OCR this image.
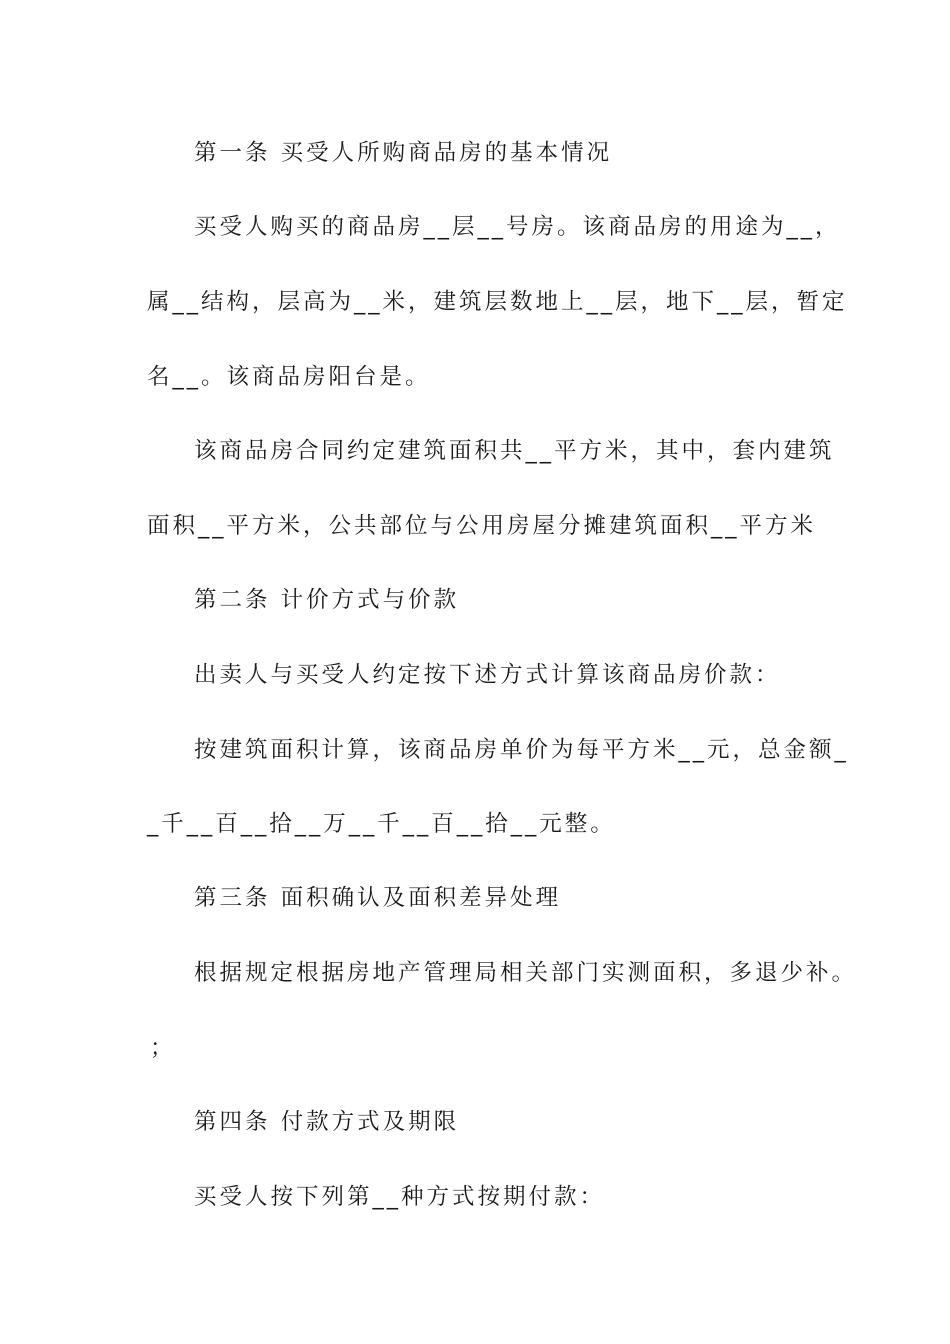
第一条 买受人所购商品房的基本情况
买受人购买的商品房__层__号房。该商品房的用途为__，
属__结构，层高为__米，建筑层数地上__层，地下__层，暂定
名__。该商品房阳台是。
该商品房合同约定建筑面积共__平方米，其中，套内建筑
面积__平方米，公共部位与公用房屋分摊建筑面积__平方米
第二条 计价方式与价款
出卖人与买受人约定按下述方式计算该商品房价款：
按建筑面积计算，该商品房单价为每平方米__元，总金额_
_千__百__拾__万__千__百__拾__元整。
第三条 面积确认及面积差异处理
根据规定根据房地产管理局相关部门实测面积，多退少补。
；
第四条 付款方式及期限
买受人按下列第__种方式按期付款：
